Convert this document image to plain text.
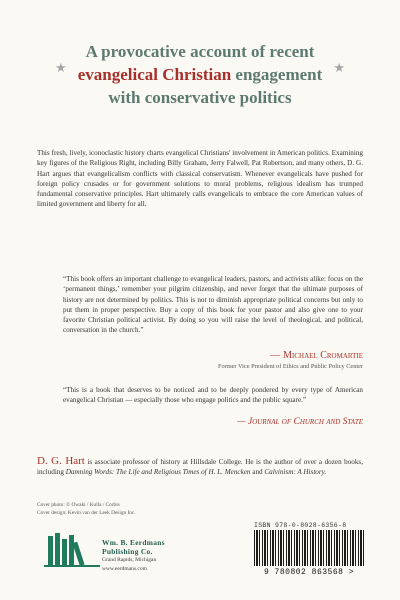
★	★
A provocative account of recent
evangelical Christian engagement
with conservative politics

This fresh, lively, iconoclastic history charts evangelical Christians' involvement in American politics. Examining key figures of the Religious Right, including Billy Graham, Jerry Falwell, Pat Robertson, and many others, D. G. Hart argues that evangelicalism conflicts with classical conservatism. Whenever evangelicals have pushed for foreign policy crusades or for government solutions to moral problems, religious idealism has trumped fundamental conservative principles. Hart ultimately calls evangelicals to embrace the core American values of limited government and liberty for all.

“This book offers an important challenge to evangelical leaders, pastors, and activists alike: focus on the ‘permanent things,’ remember your pilgrim citizenship, and never forget that the ultimate purposes of history are not determined by politics. This is not to diminish appropriate political concerns but only to put them in proper perspective. Buy a copy of this book for your pastor and also give one to your favorite Christian political activist. By doing so you will raise the level of theological, and political, conversation in the church.”

— Michael Cromartie
Former Vice President of Ethics and Public Policy Center

“This is a book that deserves to be noticed and to be deeply pondered by every type of American evangelical Christian — especially those who engage politics and the public square.”

— Journal of Church and State

D. G. Hart is associate professor of history at Hillsdale College. He is the author of over a dozen books, including Damning Words: The Life and Religious Times of H. L. Mencken and Calvinism: A History.

Cover photo: © Owaki / Kulla / Corbis
Cover design: Kevin van der Leek Design Inc.
Wm. B. Eerdmans
Publishing Co.
Grand Rapids, Michigan
www.eerdmans.com
ISBN 978-0-8028-6356-8
9 780802 863568 >
